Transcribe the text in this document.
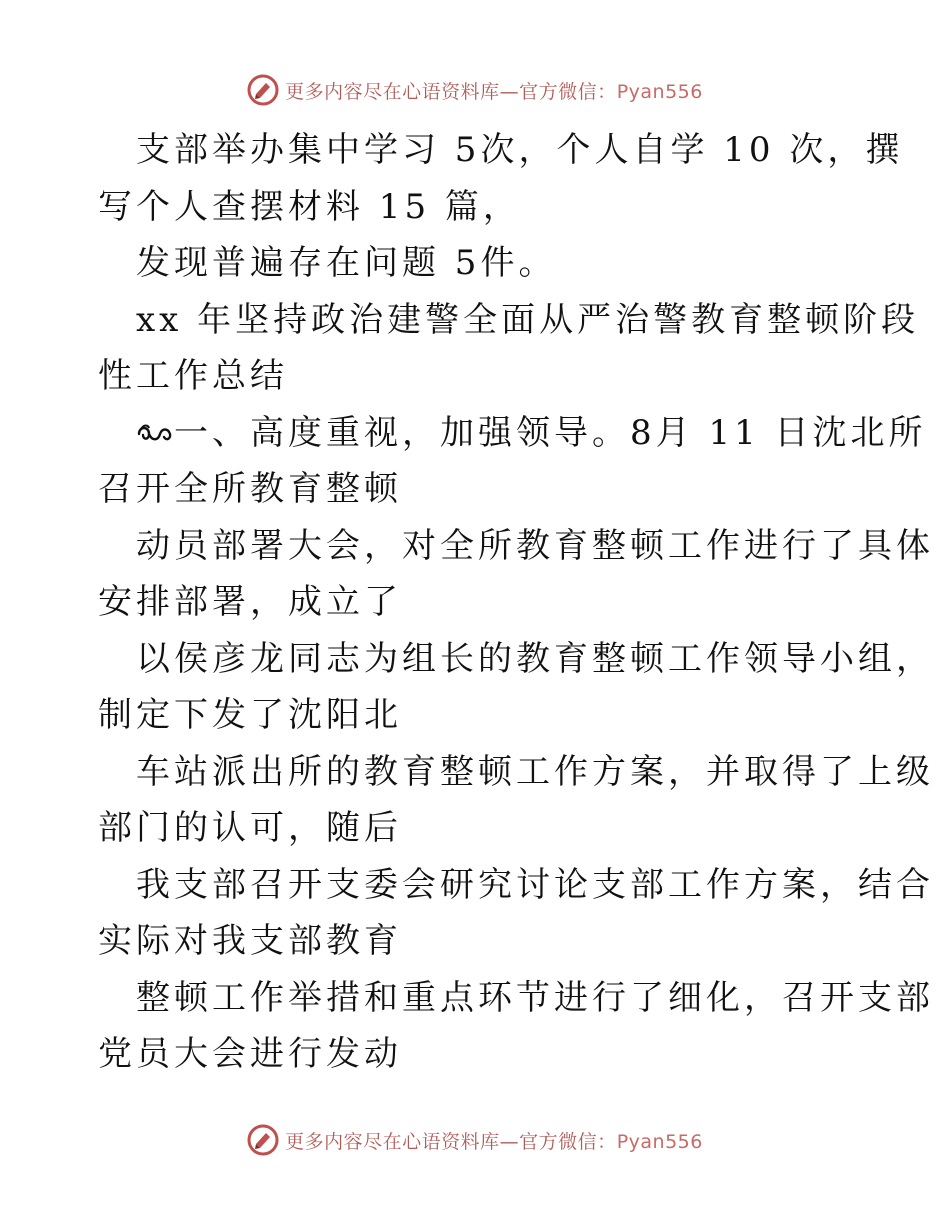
更多内容尽在心语资料库—官方微信：Pyan556
支部举办集中学习 5次，个人自学 10 次，撰
写个人查摆材料 15 篇，
发现普遍存在问题 5件。
xx 年坚持政治建警全面从严治警教育整顿阶段
性工作总结
一、高度重视，加强领导。8月 11 日沈北所
召开全所教育整顿
动员部署大会，对全所教育整顿工作进行了具体
安排部署，成立了
以侯彦龙同志为组长的教育整顿工作领导小组，
制定下发了沈阳北
车站派出所的教育整顿工作方案，并取得了上级
部门的认可，随后
我支部召开支委会研究讨论支部工作方案，结合
实际对我支部教育
整顿工作举措和重点环节进行了细化，召开支部
党员大会进行发动
更多内容尽在心语资料库—官方微信：Pyan556
